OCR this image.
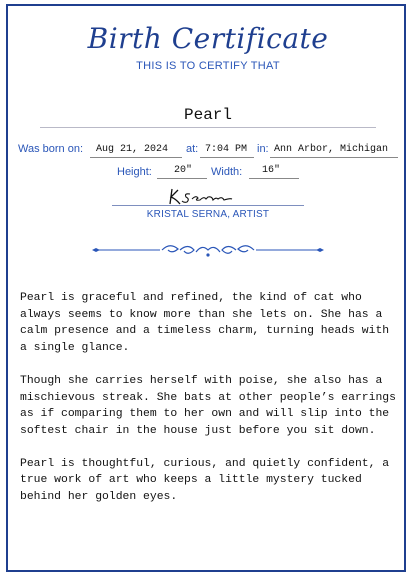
Birth Certificate
THIS IS TO CERTIFY THAT
Pearl
Was born on: Aug 21, 2024 at: 7:04 PM in: Ann Arbor, Michigan
Height: 20" Width: 16"
KRISTAL SERNA, ARTIST

Pearl is graceful and refined, the kind of cat who always seems to know more than she lets on. She has a calm presence and a timeless charm, turning heads with a single glance.

Though she carries herself with poise, she also has a mischievous streak. She bats at other people’s earrings as if comparing them to her own and will slip into the softest chair in the house just before you sit down.

Pearl is thoughtful, curious, and quietly confident, a true work of art who keeps a little mystery tucked behind her golden eyes.
